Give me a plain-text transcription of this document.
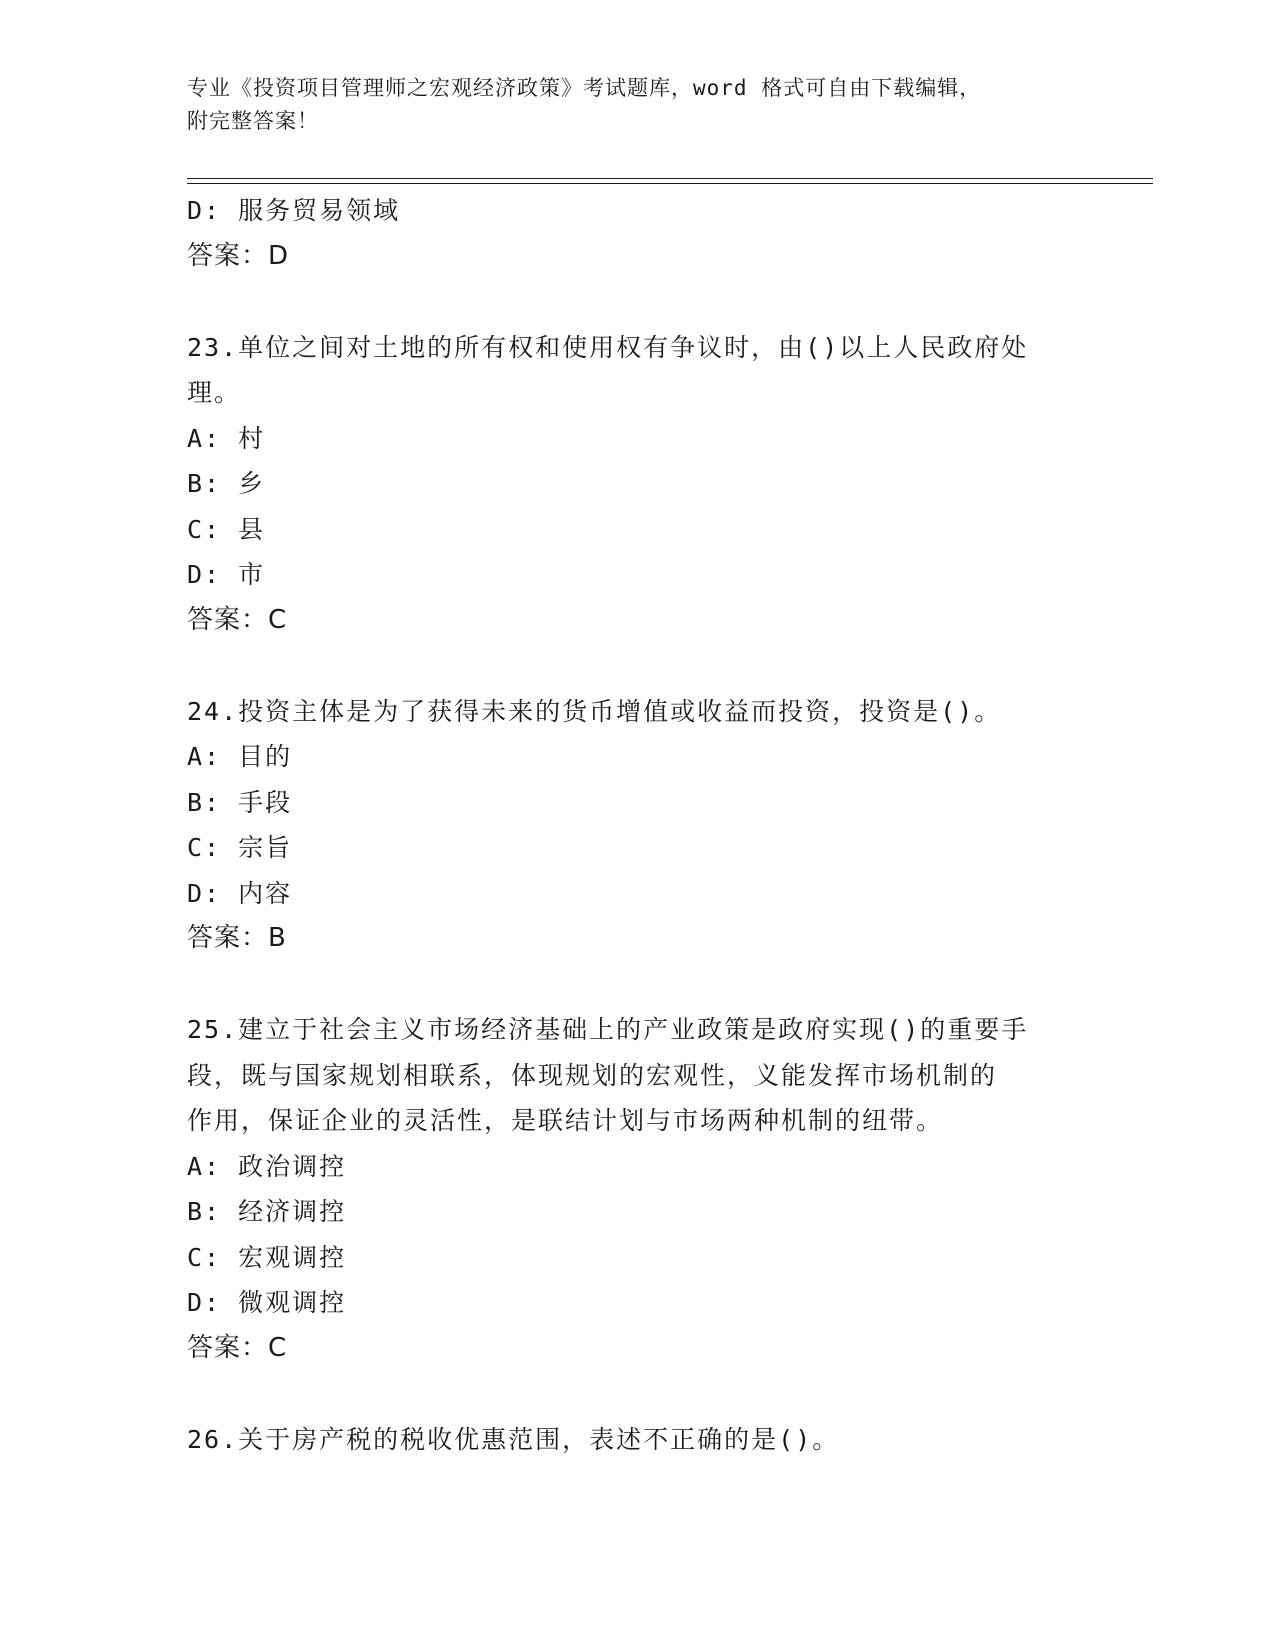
专业《投资项目管理师之宏观经济政策》考试题库，word 格式可自由下载编辑，
附完整答案！
D: 服务贸易领域
答案：D
23.单位之间对土地的所有权和使用权有争议时，由()以上人民政府处
理。
A: 村
B: 乡
C: 县
D: 市
答案：C
24.投资主体是为了获得未来的货币增值或收益而投资，投资是()。
A: 目的
B: 手段
C: 宗旨
D: 内容
答案：B
25.建立于社会主义市场经济基础上的产业政策是政府实现()的重要手
段，既与国家规划相联系，体现规划的宏观性，义能发挥市场机制的
作用，保证企业的灵活性，是联结计划与市场两种机制的纽带。
A: 政治调控
B: 经济调控
C: 宏观调控
D: 微观调控
答案：C
26.关于房产税的税收优惠范围，表述不正确的是()。
